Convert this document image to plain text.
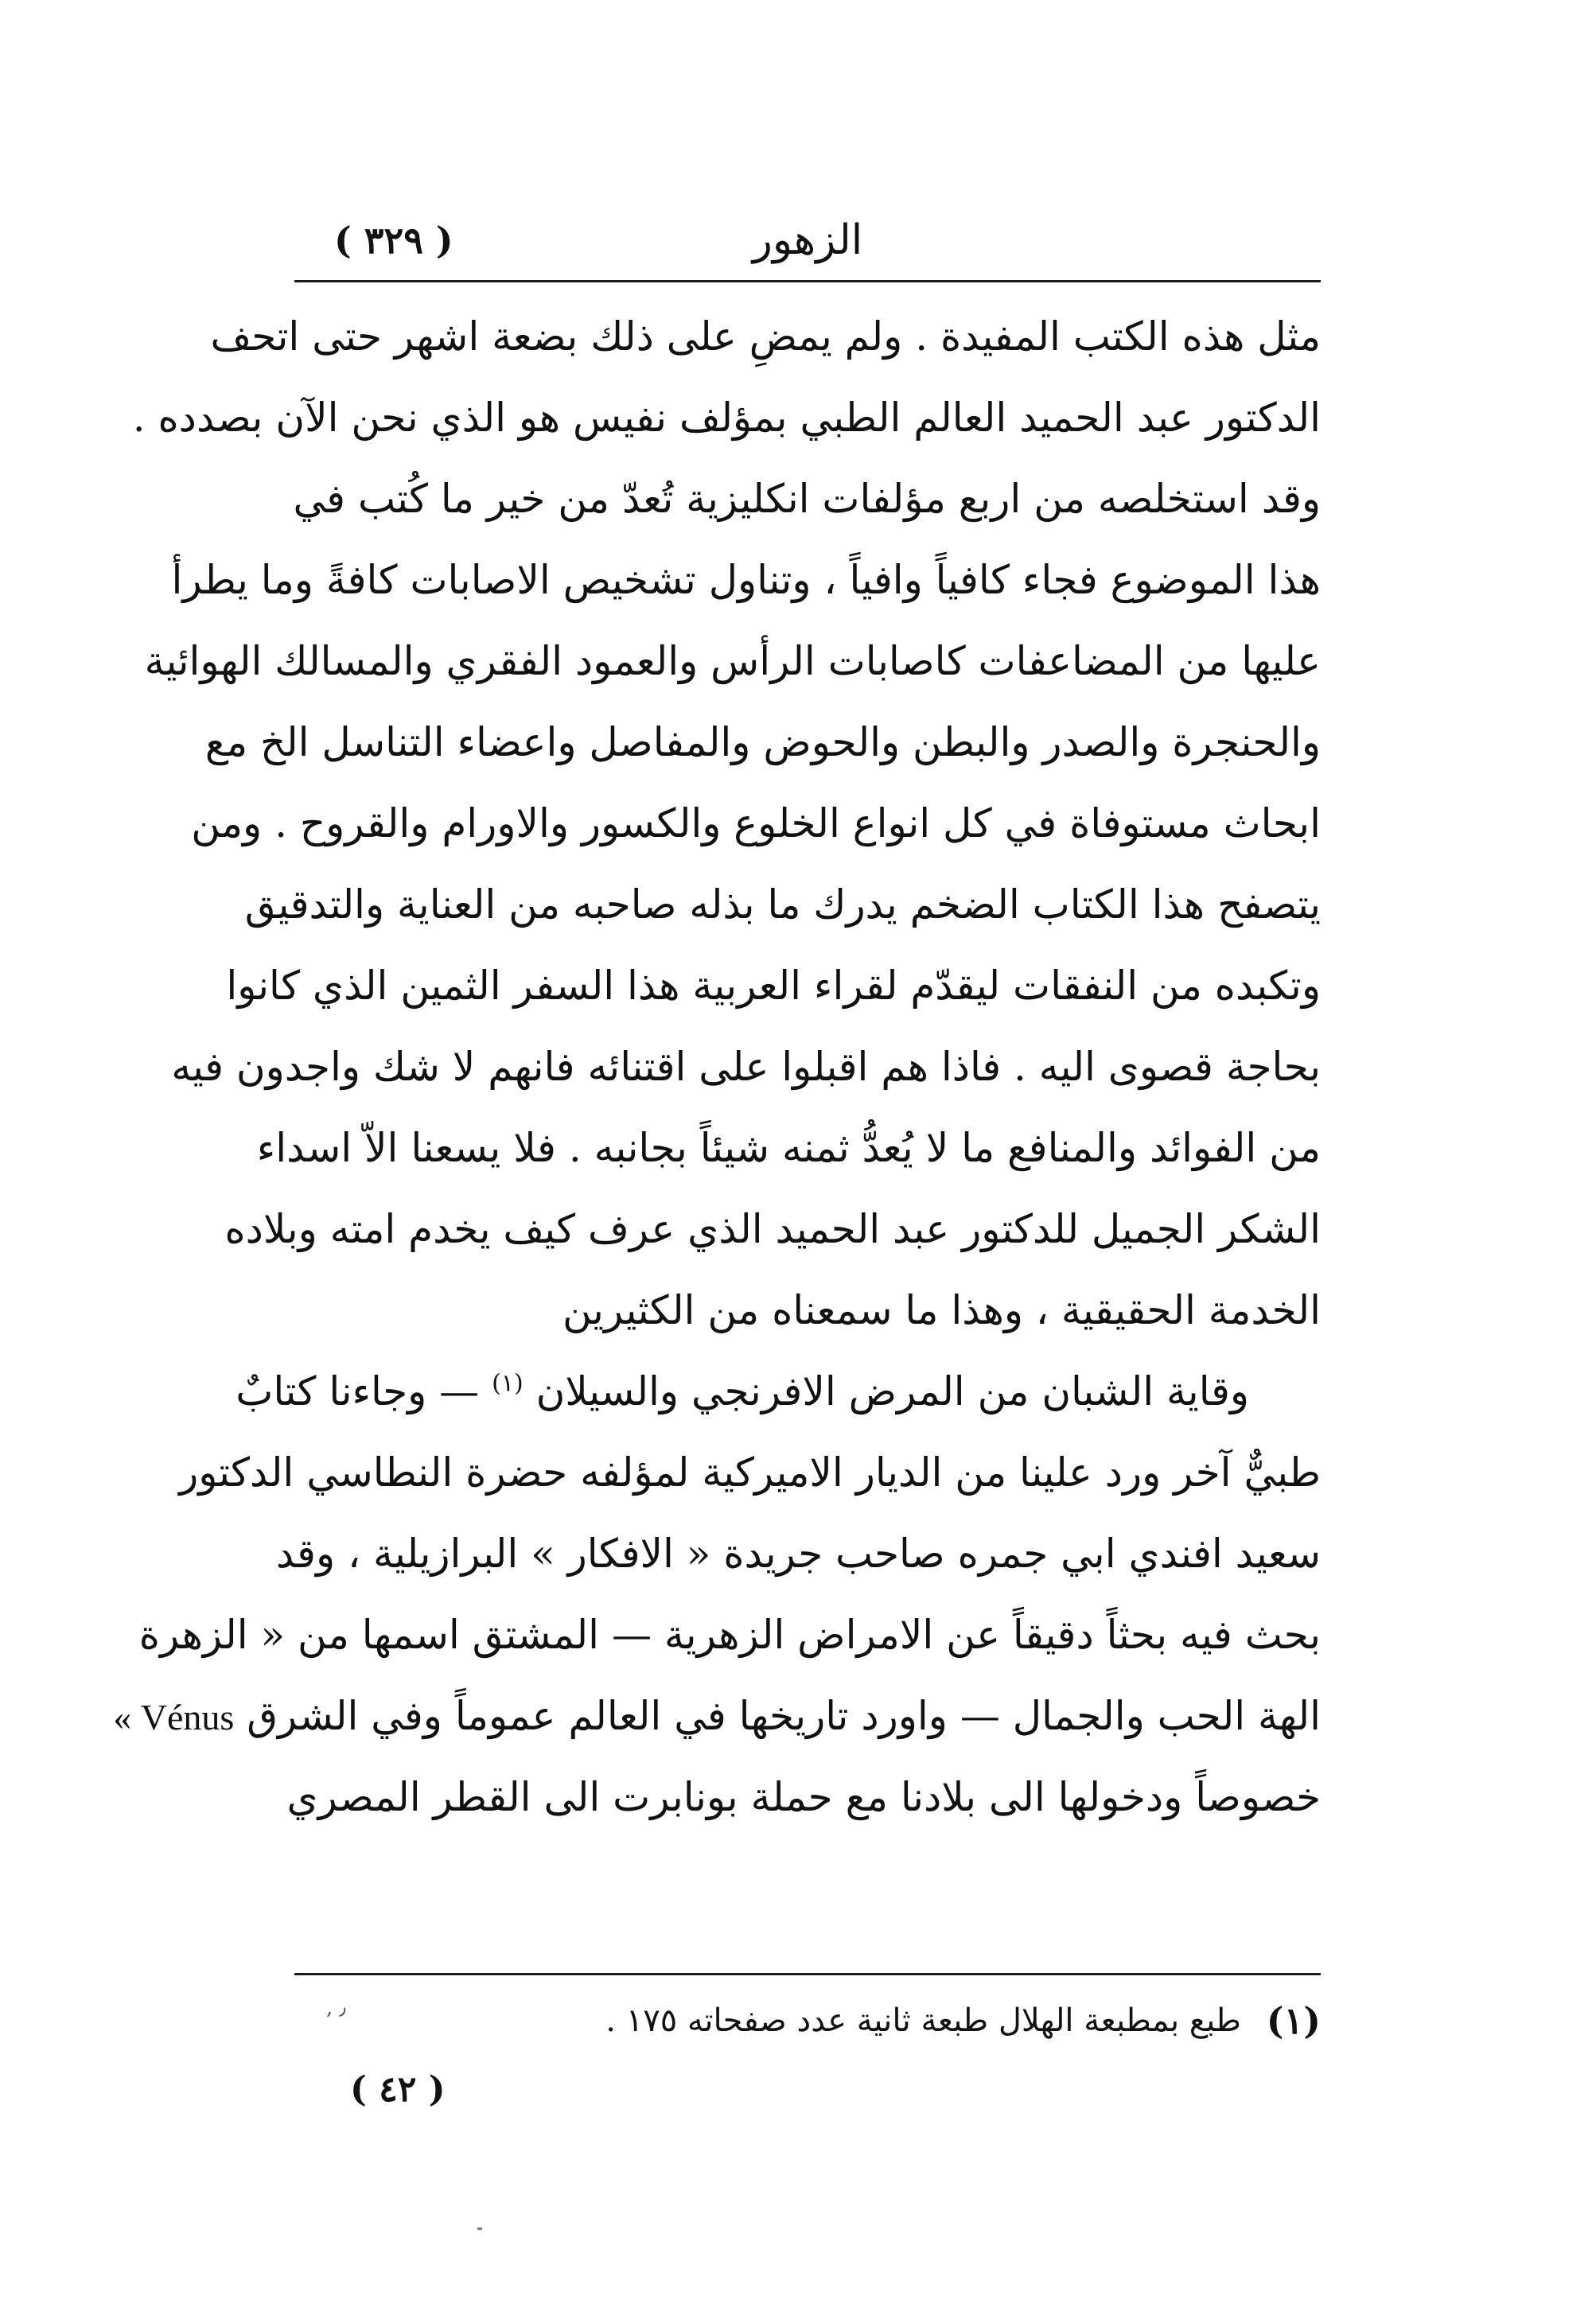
( ٣٢٩ )	الزهور
مثل هذه الكتب المفيدة . ولم يمضِ على ذلك بضعة اشهر حتى اتحف
الدكتور عبد الحميد العالم الطبي بمؤلف نفيس هو الذي نحن الآن بصدده .
وقد استخلصه من اربع مؤلفات انكليزية تُعدّ من خير ما كُتب في
هذا الموضوع فجاء كافياً وافياً ، وتناول تشخيص الاصابات كافةً وما يطرأ
عليها من المضاعفات كاصابات الرأس والعمود الفقري والمسالك الهوائية
والحنجرة والصدر والبطن والحوض والمفاصل واعضاء التناسل الخ مع
ابحاث مستوفاة في كل انواع الخلوع والكسور والاورام والقروح . ومن
يتصفح هذا الكتاب الضخم يدرك ما بذله صاحبه من العناية والتدقيق
وتكبده من النفقات ليقدّم لقراء العربية هذا السفر الثمين الذي كانوا
بحاجة قصوى اليه . فاذا هم اقبلوا على اقتنائه فانهم لا شك واجدون فيه
من الفوائد والمنافع ما لا يُعدُّ ثمنه شيئاً بجانبه . فلا يسعنا الاّ اسداء
الشكر الجميل للدكتور عبد الحميد الذي عرف كيف يخدم امته وبلاده
الخدمة الحقيقية ، وهذا ما سمعناه من الكثيرين
وقاية الشبان من المرض الافرنجي والسيلان $^{(١)}$ — وجاءنا كتابٌ
طبيٌّ آخر ورد علينا من الديار الاميركية لمؤلفه حضرة النطاسي الدكتور
سعيد افندي ابي جمره صاحب جريدة « الافكار » البرازيلية ، وقد
بحث فيه بحثاً دقيقاً عن الامراض الزهرية — المشتق اسمها من « الزهرة
الهة الحب والجمال — واورد تاريخها في العالم عموماً وفي الشرق « Vénus
خصوصاً ودخولها الى بلادنا مع حملة بونابرت الى القطر المصري
(١)
طبع بمطبعة الهلال طبعة ثانية عدد صفحاته ١٧٥ .
٫ ,
( ٤٢ )
